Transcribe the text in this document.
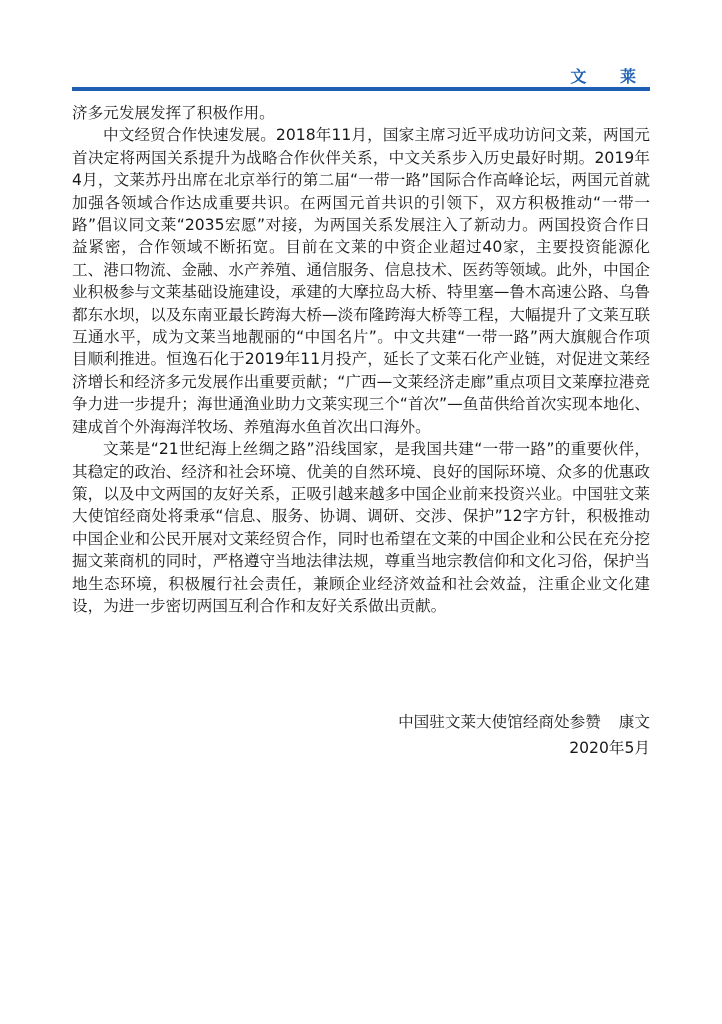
文 莱

济多元发展发挥了积极作用。

中文经贸合作快速发展。2018年11月，国家主席习近平成功访问文莱，两国元首决定将两国关系提升为战略合作伙伴关系，中文关系步入历史最好时期。2019年4月，文莱苏丹出席在北京举行的第二届“一带一路”国际合作高峰论坛，两国元首就加强各领域合作达成重要共识。在两国元首共识的引领下，双方积极推动“一带一路”倡议同文莱“2035宏愿”对接，为两国关系发展注入了新动力。两国投资合作日益紧密，合作领域不断拓宽。目前在文莱的中资企业超过40家，主要投资能源化工、港口物流、金融、水产养殖、通信服务、信息技术、医药等领域。此外，中国企业积极参与文莱基础设施建设，承建的大摩拉岛大桥、特里塞—鲁木高速公路、乌鲁都东水坝，以及东南亚最长跨海大桥—淡布隆跨海大桥等工程，大幅提升了文莱互联互通水平，成为文莱当地靓丽的“中国名片”。中文共建“一带一路”两大旗舰合作项目顺利推进。恒逸石化于2019年11月投产，延长了文莱石化产业链，对促进文莱经济增长和经济多元发展作出重要贡献；“广西—文莱经济走廊”重点项目文莱摩拉港竞争力进一步提升；海世通渔业助力文莱实现三个“首次”—鱼苗供给首次实现本地化、建成首个外海海洋牧场、养殖海水鱼首次出口海外。

文莱是“21世纪海上丝绸之路”沿线国家，是我国共建“一带一路”的重要伙伴，其稳定的政治、经济和社会环境、优美的自然环境、良好的国际环境、众多的优惠政策，以及中文两国的友好关系，正吸引越来越多中国企业前来投资兴业。中国驻文莱大使馆经商处将秉承“信息、服务、协调、调研、交涉、保护”12字方针，积极推动中国企业和公民开展对文莱经贸合作，同时也希望在文莱的中国企业和公民在充分挖掘文莱商机的同时，严格遵守当地法律法规，尊重当地宗教信仰和文化习俗，保护当地生态环境，积极履行社会责任，兼顾企业经济效益和社会效益，注重企业文化建设，为进一步密切两国互利合作和友好关系做出贡献。

中国驻文莱大使馆经商处参赞 康文
2020年5月
